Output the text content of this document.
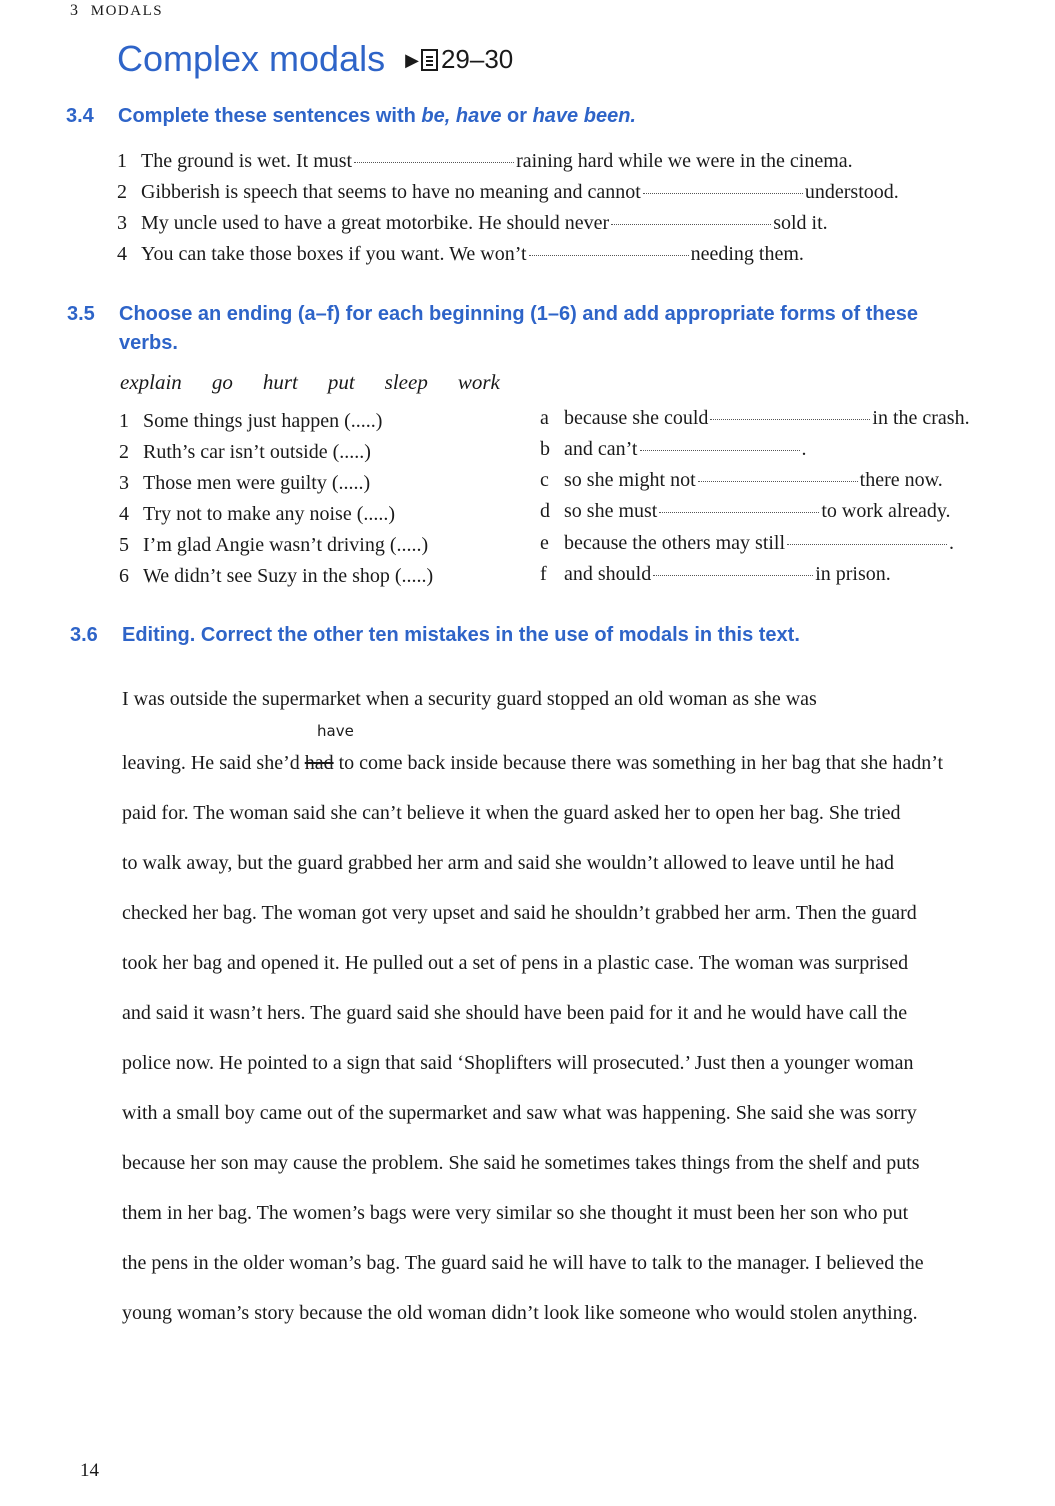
3 MODALS
Complex modals ▶ 29–30
3.4 Complete these sentences with be, have or have been.
1 The ground is wet. It must	raining hard while we were in the cinema.
2 Gibberish is speech that seems to have no meaning and cannot	understood.
3 My uncle used to have a great motorbike. He should never	sold it.
4 You can take those boxes if you want. We won’t	needing them.
3.5 Choose an ending (a–f) for each beginning (1–6) and add appropriate forms of these
verbs.
explain go hurt put sleep work
1 Some things just happen (.....)
2 Ruth’s car isn’t outside (.....)
3 Those men were guilty (.....)
4 Try not to make any noise (.....)
5 I’m glad Angie wasn’t driving (.....)
6 We didn’t see Suzy in the shop (.....)
a because she could	in the crash.
b and can’t	.
c so she might not	there now.
d so she must	to work already.
e because the others may still	.
f and should	in prison.
3.6 Editing. Correct the other ten mistakes in the use of modals in this text.
I was outside the supermarket when a security guard stopped an old woman as she was
have
leaving. He said she’d had to come back inside because there was something in her bag that she hadn’t
paid for. The woman said she can’t believe it when the guard asked her to open her bag. She tried
to walk away, but the guard grabbed her arm and said she wouldn’t allowed to leave until he had
checked her bag. The woman got very upset and said he shouldn’t grabbed her arm. Then the guard
took her bag and opened it. He pulled out a set of pens in a plastic case. The woman was surprised
and said it wasn’t hers. The guard said she should have been paid for it and he would have call the
police now. He pointed to a sign that said ‘Shoplifters will prosecuted.’ Just then a younger woman
with a small boy came out of the supermarket and saw what was happening. She said she was sorry
because her son may cause the problem. She said he sometimes takes things from the shelf and puts
them in her bag. The women’s bags were very similar so she thought it must been her son who put
the pens in the older woman’s bag. The guard said he will have to talk to the manager. I believed the
young woman’s story because the old woman didn’t look like someone who would stolen anything.
14
